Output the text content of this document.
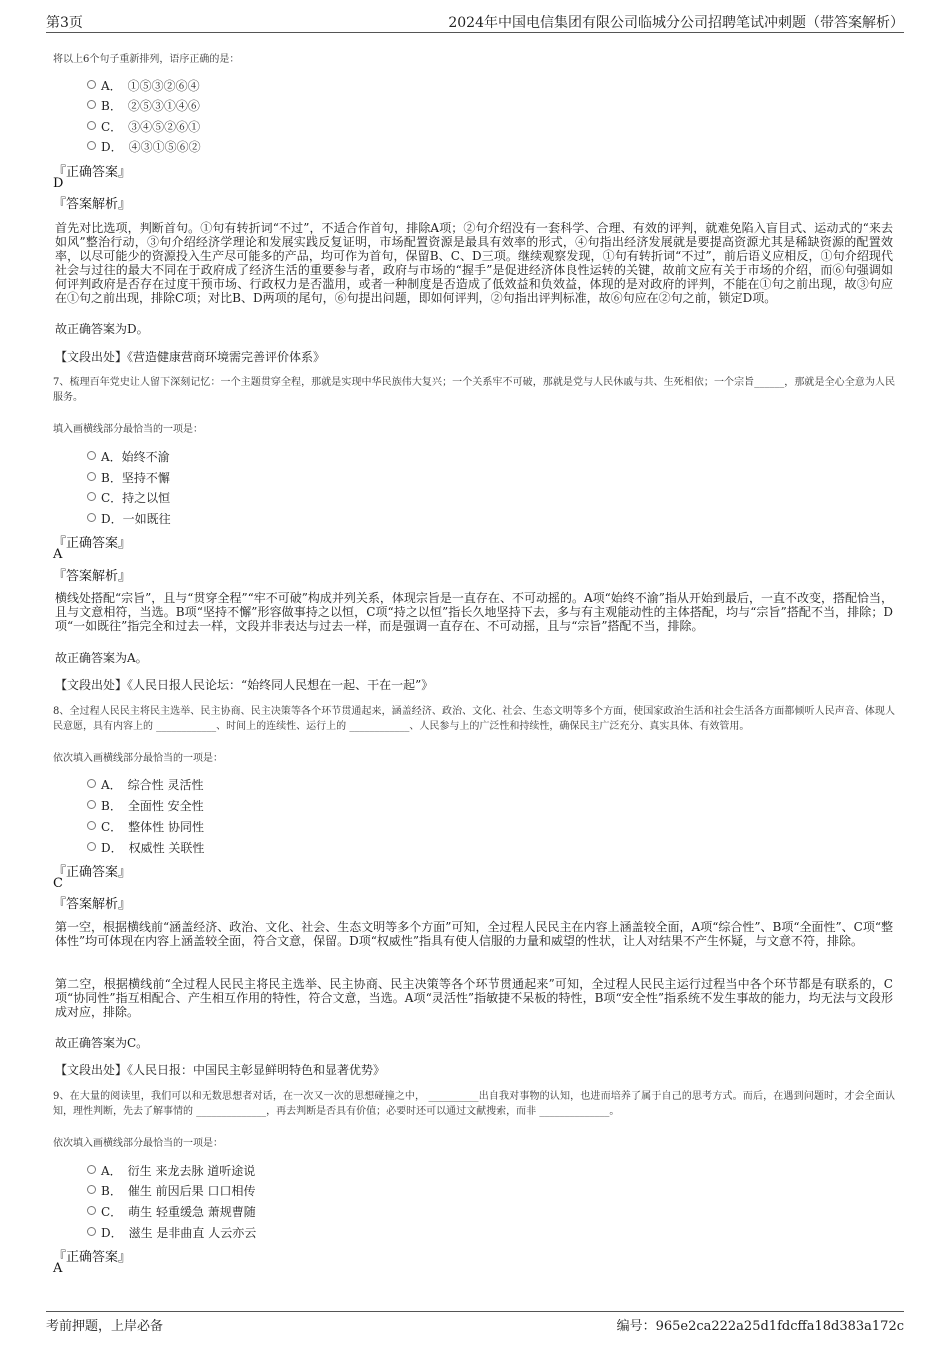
第3页	2024年中国电信集团有限公司临城分公司招聘笔试冲刺题（带答案解析）
将以上6个句子重新排列，语序正确的是：
A．　①⑤③②⑥④
B．　②⑤③①④⑥
C．　③④⑤②⑥①
D．　④③①⑤⑥②
『正确答案』
D
『答案解析』
首先对比选项，判断首句。①句有转折词“不过”，不适合作首句，排除A项；②句介绍没有一套科学、合理、有效的评判，就难免陷入盲目式、运动式的“来去如风”整治行动，③句介绍经济学理论和发展实践反复证明，市场配置资源是最具有效率的形式，④句指出经济发展就是要提高资源尤其是稀缺资源的配置效率，以尽可能少的资源投入生产尽可能多的产品，均可作为首句，保留B、C、D三项。继续观察发现，①句有转折词“不过”，前后语义应相反，①句介绍现代社会与过往的最大不同在于政府成了经济生活的重要参与者，政府与市场的“握手”是促进经济体良性运转的关键，故前文应有关于市场的介绍，而⑥句强调如何评判政府是否存在过度干预市场、行政权力是否滥用，或者一种制度是否造成了低效益和负效益，体现的是对政府的评判，不能在①句之前出现，故③句应在①句之前出现，排除C项；对比B、D两项的尾句，⑥句提出问题，即如何评判，②句指出评判标准，故⑥句应在②句之前，锁定D项。
故正确答案为D。
【文段出处】《营造健康营商环境需完善评价体系》
7、梳理百年党史让人留下深刻记忆：一个主题贯穿全程，那就是实现中华民族伟大复兴；一个关系牢不可破，那就是党与人民休戚与共、生死相依；一个宗旨______，那就是全心全意为人民服务。
填入画横线部分最恰当的一项是：
A．始终不渝
B．坚持不懈
C．持之以恒
D．一如既往
『正确答案』
A
『答案解析』
横线处搭配“宗旨”，且与“贯穿全程”“牢不可破”构成并列关系，体现宗旨是一直存在、不可动摇的。A项“始终不渝”指从开始到最后，一直不改变，搭配恰当，且与文意相符，当选。B项“坚持不懈”形容做事持之以恒，C项“持之以恒”指长久地坚持下去，多与有主观能动性的主体搭配，均与“宗旨”搭配不当，排除；D项“一如既往”指完全和过去一样，文段并非表达与过去一样，而是强调一直存在、不可动摇，且与“宗旨”搭配不当，排除。
故正确答案为A。
【文段出处】《人民日报人民论坛：“始终同人民想在一起、干在一起”》
8、全过程人民民主将民主选举、民主协商、民主决策等各个环节贯通起来，涵盖经济、政治、文化、社会、生态文明等多个方面，使国家政治生活和社会生活各方面都倾听人民声音、体现人民意愿，具有内容上的 ____________、时间上的连续性、运行上的 ____________、人民参与上的广泛性和持续性，确保民主广泛充分、真实具体、有效管用。
依次填入画横线部分最恰当的一项是：
A．　综合性 灵活性
B．　全面性 安全性
C．　整体性 协同性
D．　权威性 关联性
『正确答案』
C
『答案解析』
第一空，根据横线前“涵盖经济、政治、文化、社会、生态文明等多个方面”可知，全过程人民民主在内容上涵盖较全面，A项“综合性”、B项“全面性”、C项“整体性”均可体现在内容上涵盖较全面，符合文意，保留。D项“权威性”指具有使人信服的力量和威望的性状，让人对结果不产生怀疑，与文意不符，排除。
第二空，根据横线前“全过程人民民主将民主选举、民主协商、民主决策等各个环节贯通起来”可知，全过程人民民主运行过程当中各个环节都是有联系的，C项“协同性”指互相配合、产生相互作用的特性，符合文意，当选。A项“灵活性”指敏捷不呆板的特性，B项“安全性”指系统不发生事故的能力，均无法与文段形成对应，排除。
故正确答案为C。
【文段出处】《人民日报：中国民主彰显鲜明特色和显著优势》
9、在大量的阅读里，我们可以和无数思想者对话，在一次又一次的思想碰撞之中， __________出自我对事物的认知，也进而培养了属于自己的思考方式。而后，在遇到问题时，才会全面认知，理性判断，先去了解事情的 ______________，再去判断是否具有价值；必要时还可以通过文献搜索，而非 ______________。
依次填入画横线部分最恰当的一项是：
A．　衍生 来龙去脉 道听途说
B．　催生 前因后果 口口相传
C．　萌生 轻重缓急 萧规曹随
D．　滋生 是非曲直 人云亦云
『正确答案』
A
考前押题，上岸必备	编号：965e2ca222a25d1fdcffa18d383a172c
